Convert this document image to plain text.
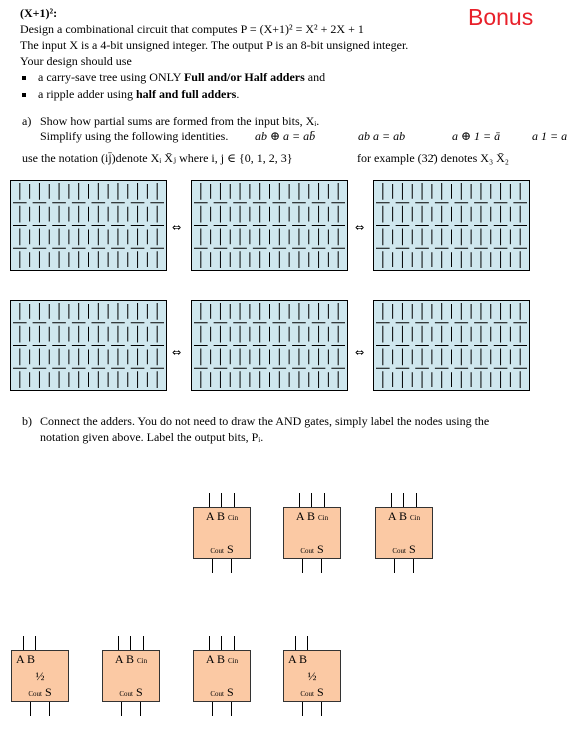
(X+1)²:	Bonus
Design a combinational circuit that computes P = (X+1)² = X² + 2X + 1
The input X is a 4-bit unsigned integer. The output P is an 8-bit unsigned integer.
Your design should use
a carry-save tree using ONLY Full and/or Half adders and
a ripple adder using half and full adders.
a) Show how partial sums are formed from the input bits, Xᵢ.
Simplify using the following identities. ab ⊕ a = ab̄	ab a = ab	a ⊕ 1 = ā	a 1 = a
use the notation (ij̄)denote Xᵢ X̄ⱼ where i, j ∈ {0, 1, 2, 3}	for example (32̄) denotes X₃ X̄₂
⇔	⇔
⇔	⇔
b) Connect the adders. You do not need to draw the AND gates, simply label the nodes using the
notation given above. Label the output bits, Pᵢ.
A B Cin
Cout S
A B Cin
Cout S
A B Cin
Cout S
A B
½
Cout S
A B Cin
Cout S
A B Cin
Cout S
A B
½
Cout S
